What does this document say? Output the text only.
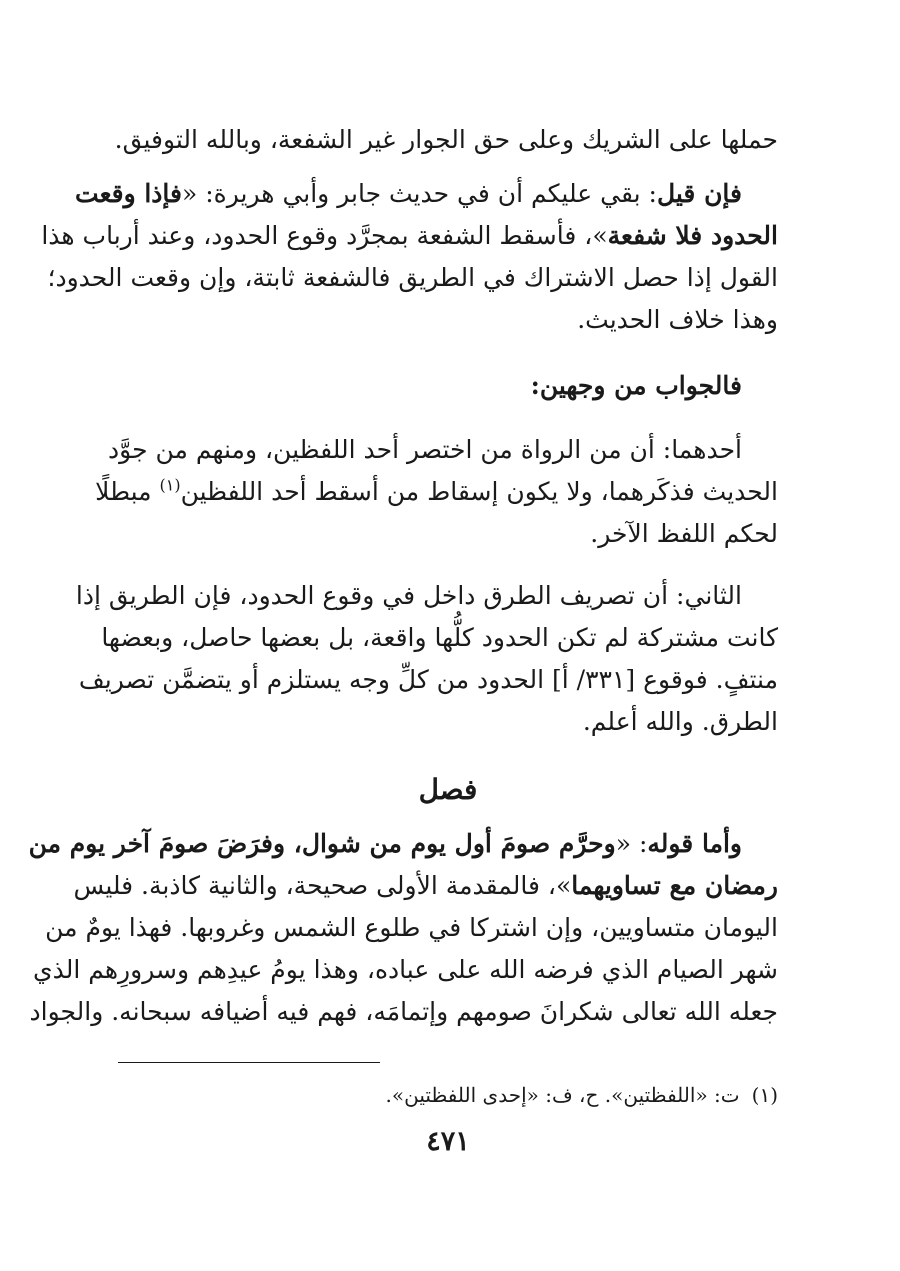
حملها على الشريك وعلى حق الجوار غير الشفعة، وبالله التوفيق.
فإن قيل: بقي عليكم أن في حديث جابر وأبي هريرة: «فإذا وقعت
الحدود فلا شفعة»، فأسقط الشفعة بمجرَّد وقوع الحدود، وعند أرباب هذا
القول إذا حصل الاشتراك في الطريق فالشفعة ثابتة، وإن وقعت الحدود؛
وهذا خلاف الحديث.
فالجواب من وجهين:
أحدهما: أن من الرواة من اختصر أحد اللفظين، ومنهم من جوَّد
الحديث فذكَرهما، ولا يكون إسقاط من أسقط أحد اللفظين$^{(١)}$ مبطلًا
لحكم اللفظ الآخر.
الثاني: أن تصريف الطرق داخل في وقوع الحدود، فإن الطريق إذا
كانت مشتركة لم تكن الحدود كلُّها واقعة، بل بعضها حاصل، وبعضها
منتفٍ. فوقوع [٣٣١/ أ] الحدود من كلِّ وجه يستلزم أو يتضمَّن تصريف
الطرق. والله أعلم.
فصل
وأما قوله: «وحرَّم صومَ أول يوم من شوال، وفرَضَ صومَ آخر يوم من
رمضان مع تساويهما»، فالمقدمة الأولى صحيحة، والثانية كاذبة. فليس
اليومان متساويين، وإن اشتركا في طلوع الشمس وغروبها. فهذا يومٌ من
شهر الصيام الذي فرضه الله على عباده، وهذا يومُ عيدِهم وسرورِهم الذي
جعله الله تعالى شكرانَ صومهم وإتمامَه، فهم فيه أضيافه سبحانه. والجواد
(١)ت: «اللفظتين». ح، ف: «إحدى اللفظتين».
٤٧١
